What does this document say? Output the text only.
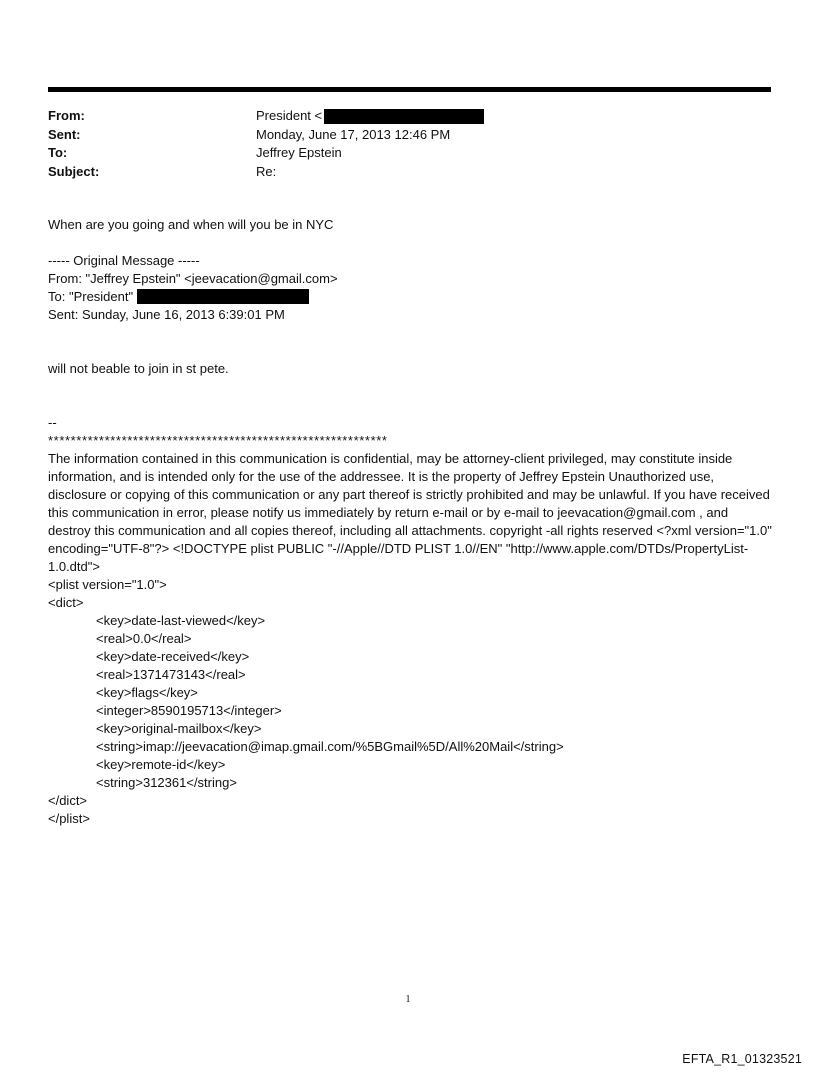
From:	President <
Sent:	Monday, June 17, 2013 12:46 PM
To:	Jeffrey Epstein
Subject:	Re:
When are you going and when will you be in NYC
----- Original Message -----
From: "Jeffrey Epstein" <jeevacation@gmail.com>
To: "President"
Sent: Sunday, June 16, 2013 6:39:01 PM
will not beable to join in st pete.
--
************************************************************
The information contained in this communication is confidential, may be attorney-client privileged, may constitute inside information, and is intended only for the use of the addressee. It is the property of Jeffrey Epstein Unauthorized use, disclosure or copying of this communication or any part thereof is strictly prohibited and may be unlawful. If you have received this communication in error, please notify us immediately by return e-mail or by e-mail to jeevacation@gmail.com , and destroy this communication and all copies thereof, including all attachments. copyright -all rights reserved <?xml version="1.0" encoding="UTF-8"?> <!DOCTYPE plist PUBLIC "-//Apple//DTD PLIST 1.0//EN" "http://www.apple.com/DTDs/PropertyList-1.0.dtd">
<plist version="1.0">
<dict>
<key>date-last-viewed</key>
<real>0.0</real>
<key>date-received</key>
<real>1371473143</real>
<key>flags</key>
<integer>8590195713</integer>
<key>original-mailbox</key>
<string>imap://jeevacation@imap.gmail.com/%5BGmail%5D/All%20Mail</string>
<key>remote-id</key>
<string>312361</string>
</dict>
</plist>
1
EFTA_R1_01323521
